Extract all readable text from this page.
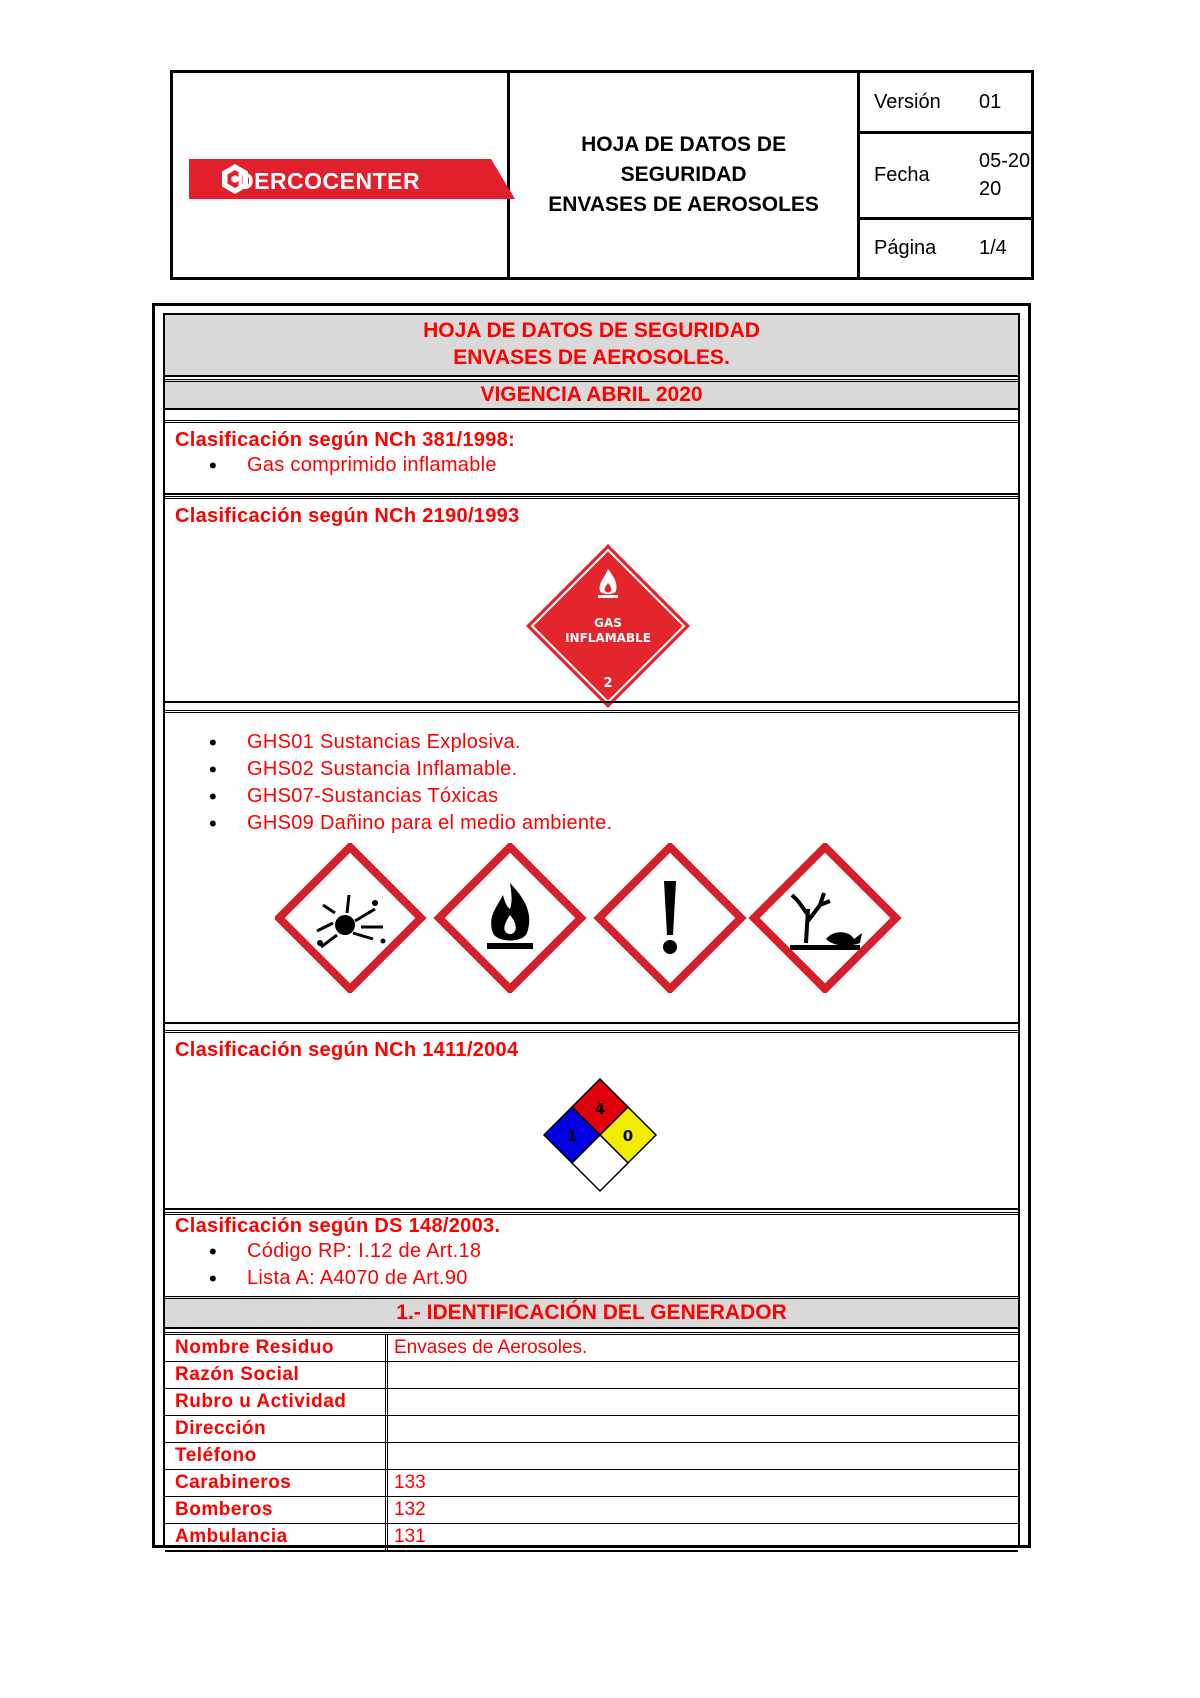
DERCOCENTER
HOJA DE DATOS DE
SEGURIDAD
ENVASES DE AEROSOLES
Versión 01
Fecha
05-2020
Página 1/4
HOJA DE DATOS DE SEGURIDAD
ENVASES DE AEROSOLES.
VIGENCIA ABRIL 2020
Clasificación según NCh 381/1998:
• Gas comprimido inflamable
Clasificación según NCh 2190/1993
GAS
INFLAMABLE
2
• GHS01 Sustancias Explosiva.
• GHS02 Sustancia Inflamable.
• GHS07-Sustancias Tóxicas
• GHS09 Dañino para el medio ambiente.
Clasificación según NCh 1411/2004
4
1	0
Clasificación según DS 148/2003.
• Código RP: I.12 de Art.18
• Lista A: A4070 de Art.90
1.- IDENTIFICACIÓN DEL GENERADOR
Nombre Residuo	Envases de Aerosoles.
Razón Social
Rubro u Actividad
Dirección
Teléfono
Carabineros	133
Bomberos	132
Ambulancia	131
